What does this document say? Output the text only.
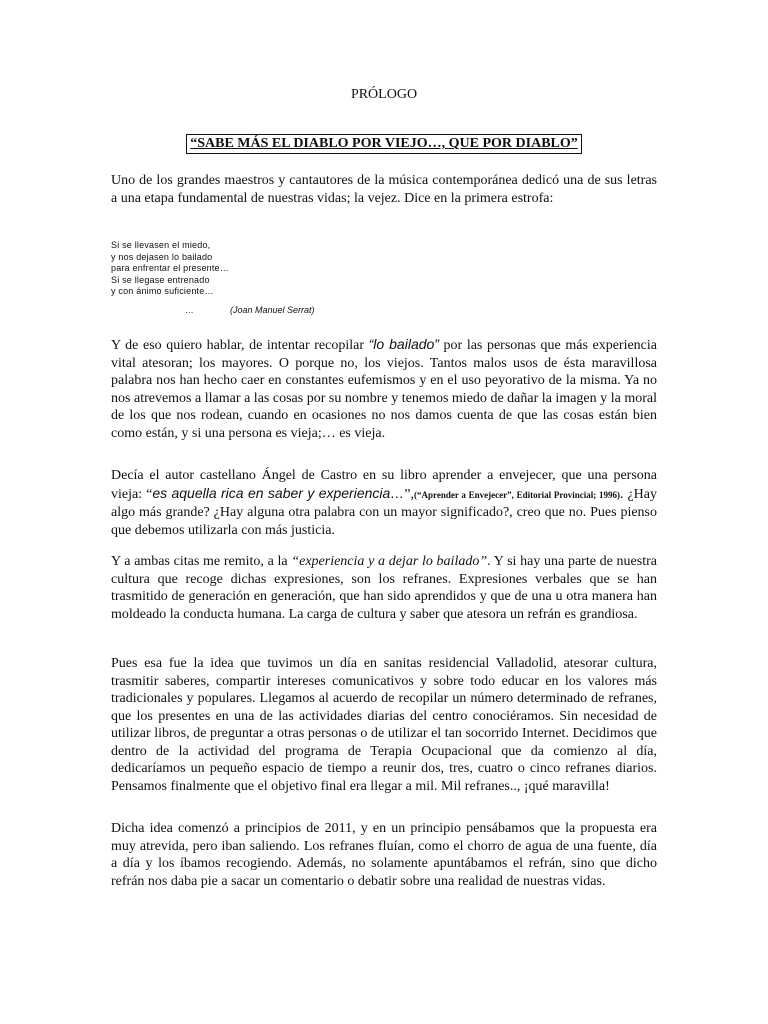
PRÓLOGO
“SABE MÁS EL DIABLO POR VIEJO…, QUE POR DIABLO”

Uno de los grandes maestros y cantautores de la música contemporánea dedicó una de sus letras a una etapa fundamental de nuestras vidas; la vejez. Dice en la primera estrofa:

Si se llevasen el miedo,
y nos dejasen lo bailado
para enfrentar el presente…
Si se llegase entrenado
y con ánimo suficiente…
…	(Joan Manuel Serrat)

Y de eso quiero hablar, de intentar recopilar “lo bailado” por las personas que más experiencia vital atesoran; los mayores. O porque no, los viejos. Tantos malos usos de ésta maravillosa palabra nos han hecho caer en constantes eufemismos y en el uso peyorativo de la misma. Ya no nos atrevemos a llamar a las cosas por su nombre y tenemos miedo de dañar la imagen y la moral de los que nos rodean, cuando en ocasiones no nos damos cuenta de que las cosas están bien como están, y si una persona es vieja;… es vieja.

Decía el autor castellano Ángel de Castro en su libro aprender a envejecer, que una persona vieja: “es aquella rica en saber y experiencia…”,(“Aprender a Envejecer”, Editorial Provincial; 1996). ¿Hay algo más grande? ¿Hay alguna otra palabra con un mayor significado?, creo que no. Pues pienso que debemos utilizarla con más justicia.

Y a ambas citas me remito, a la “experiencia y a dejar lo bailado”. Y si hay una parte de nuestra cultura que recoge dichas expresiones, son los refranes. Expresiones verbales que se han trasmitido de generación en generación, que han sido aprendidos y que de una u otra manera han moldeado la conducta humana. La carga de cultura y saber que atesora un refrán es grandiosa.

Pues esa fue la idea que tuvimos un día en sanitas residencial Valladolid, atesorar cultura, trasmitir saberes, compartir intereses comunicativos y sobre todo educar en los valores más tradicionales y populares. Llegamos al acuerdo de recopilar un número determinado de refranes, que los presentes en una de las actividades diarias del centro conociéramos. Sin necesidad de utilizar libros, de preguntar a otras personas o de utilizar el tan socorrido Internet. Decidimos que dentro de la actividad del programa de Terapia Ocupacional que da comienzo al día, dedicaríamos un pequeño espacio de tiempo a reunir dos, tres, cuatro o cinco refranes diarios. Pensamos finalmente que el objetivo final era llegar a mil. Mil refranes.., ¡qué maravilla!

Dicha idea comenzó a principios de 2011, y en un principio pensábamos que la propuesta era muy atrevida, pero iban saliendo. Los refranes fluían, como el chorro de agua de una fuente, día a día y los íbamos recogiendo. Además, no solamente apuntábamos el refrán, sino que dicho refrán nos daba pie a sacar un comentario o debatir sobre una realidad de nuestras vidas.
